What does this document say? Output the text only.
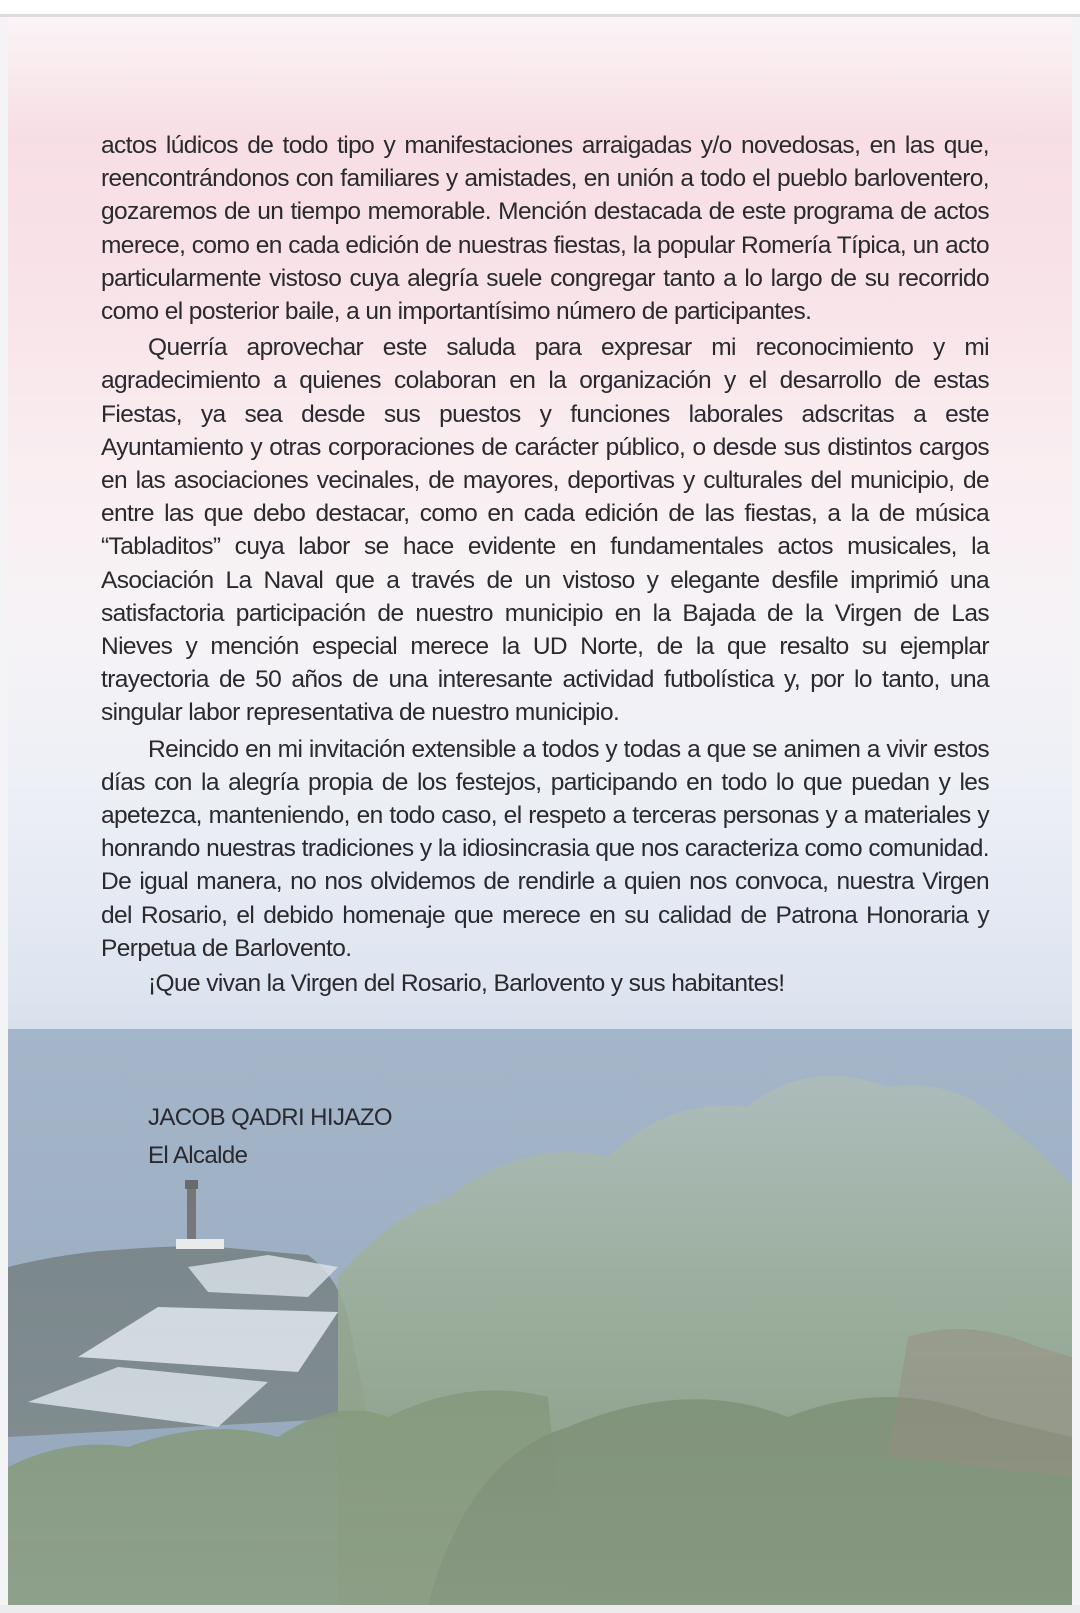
actos lúdicos de todo tipo y manifestaciones arraigadas y/o novedosas, en las que, reencontrándonos con familiares y amistades, en unión a todo el pueblo barloventero, gozaremos de un tiempo memorable. Mención destacada de este programa de actos merece, como en cada edición de nuestras fiestas, la popular Romería Típica, un acto particularmente vistoso cuya alegría suele congregar tanto a lo largo de su recorrido como el posterior baile, a un importantísimo número de participantes.

Querría aprovechar este saluda para expresar mi reconocimiento y mi agradecimiento a quienes colaboran en la organización y el desarrollo de estas Fiestas, ya sea desde sus puestos y funciones laborales adscritas a este Ayuntamiento y otras corporaciones de carácter público, o desde sus distintos cargos en las asociaciones vecinales, de mayores, deportivas y culturales del municipio, de entre las que debo destacar, como en cada edición de las fiestas, a la de música “Tabladitos” cuya labor se hace evidente en fundamentales actos musicales, la Asociación La Naval que a través de un vistoso y elegante desfile imprimió una satisfactoria participación de nuestro municipio en la Bajada de la Virgen de Las Nieves y mención especial merece la UD Norte, de la que resalto su ejemplar trayectoria de 50 años de una interesante actividad futbolística y, por lo tanto, una singular labor representativa de nuestro municipio.

Reincido en mi invitación extensible a todos y todas a que se animen a vivir estos días con la alegría propia de los festejos, participando en todo lo que puedan y les apetezca, manteniendo, en todo caso, el respeto a terceras personas y a materiales y honrando nuestras tradiciones y la idiosincrasia que nos caracteriza como comunidad. De igual manera, no nos olvidemos de rendirle a quien nos convoca, nuestra Virgen del Rosario, el debido homenaje que merece en su calidad de Patrona Honoraria y Perpetua de Barlovento.

¡Que vivan la Virgen del Rosario, Barlovento y sus habitantes!

JACOB QADRI HIJAZO
El Alcalde
